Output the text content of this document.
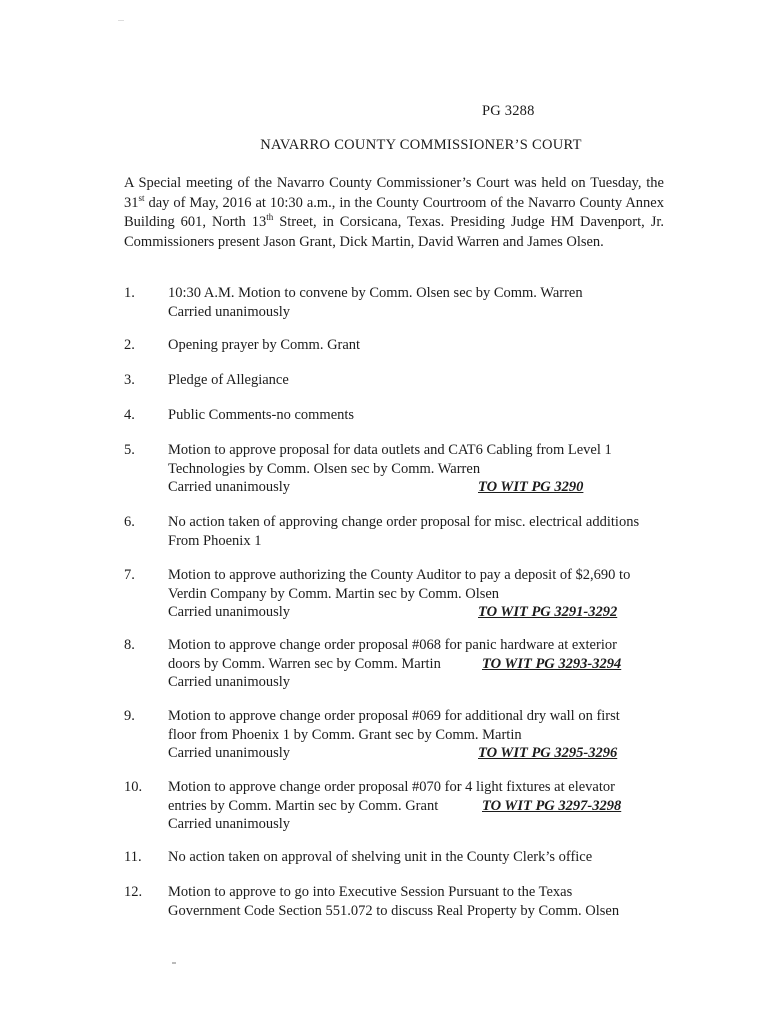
PG 3288
NAVARRO COUNTY COMMISSIONER’S COURT
A Special meeting of the Navarro County Commissioner’s Court was held on Tuesday, the 31st day of May, 2016 at 10:30 a.m., in the County Courtroom of the Navarro County Annex Building 601, North 13th Street, in Corsicana, Texas. Presiding Judge HM Davenport, Jr. Commissioners present Jason Grant, Dick Martin, David Warren and James Olsen.
1.	10:30 A.M. Motion to convene by Comm. Olsen sec by Comm. Warren
Carried unanimously
2.	Opening prayer by Comm. Grant
3.	Pledge of Allegiance
4.	Public Comments-no comments
5.	Motion to approve proposal for data outlets and CAT6 Cabling from Level 1
Technologies by Comm. Olsen sec by Comm. Warren
Carried unanimously	TO WIT PG 3290
6.	No action taken of approving change order proposal for misc. electrical additions
From Phoenix 1
7.	Motion to approve authorizing the County Auditor to pay a deposit of $2,690 to
Verdin Company by Comm. Martin sec by Comm. Olsen
Carried unanimously	TO WIT PG 3291-3292
8.	Motion to approve change order proposal #068 for panic hardware at exterior
doors by Comm. Warren sec by Comm. Martin	TO WIT PG 3293-3294
Carried unanimously
9.	Motion to approve change order proposal #069 for additional dry wall on first
floor from Phoenix 1 by Comm. Grant sec by Comm. Martin
Carried unanimously	TO WIT PG 3295-3296
10.	Motion to approve change order proposal #070 for 4 light fixtures at elevator
entries by Comm. Martin sec by Comm. Grant	TO WIT PG 3297-3298
Carried unanimously
11.	No action taken on approval of shelving unit in the County Clerk’s office
12.	Motion to approve to go into Executive Session Pursuant to the Texas
Government Code Section 551.072 to discuss Real Property by Comm. Olsen
